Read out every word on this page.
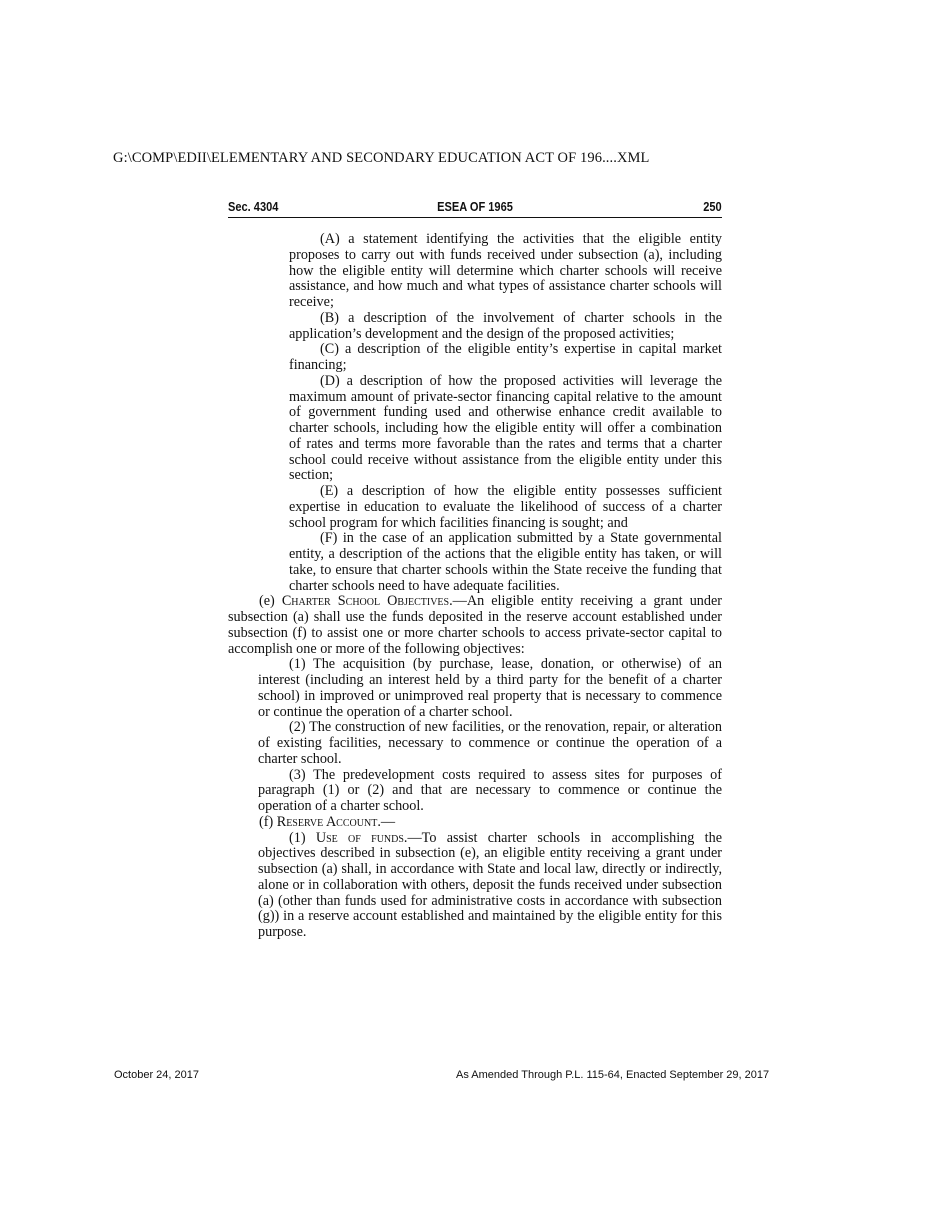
G:\COMP\EDII\ELEMENTARY AND SECONDARY EDUCATION ACT OF 196....XML
Sec. 4304	ESEA OF 1965	250

(A) a statement identifying the activities that the eligible entity proposes to carry out with funds received under subsection (a), including how the eligible entity will determine which charter schools will receive assistance, and how much and what types of assistance charter schools will receive;

(B) a description of the involvement of charter schools in the application’s development and the design of the proposed activities;

(C) a description of the eligible entity’s expertise in capital market financing;

(D) a description of how the proposed activities will leverage the maximum amount of private-sector financing capital relative to the amount of government funding used and otherwise enhance credit available to charter schools, including how the eligible entity will offer a combination of rates and terms more favorable than the rates and terms that a charter school could receive without assistance from the eligible entity under this section;

(E) a description of how the eligible entity possesses sufficient expertise in education to evaluate the likelihood of success of a charter school program for which facilities financing is sought; and

(F) in the case of an application submitted by a State governmental entity, a description of the actions that the eligible entity has taken, or will take, to ensure that charter schools within the State receive the funding that charter schools need to have adequate facilities.

(e) Charter School Objectives.—An eligible entity receiving a grant under subsection (a) shall use the funds deposited in the reserve account established under subsection (f) to assist one or more charter schools to access private-sector capital to accomplish one or more of the following objectives:

(1) The acquisition (by purchase, lease, donation, or otherwise) of an interest (including an interest held by a third party for the benefit of a charter school) in improved or unimproved real property that is necessary to commence or continue the operation of a charter school.

(2) The construction of new facilities, or the renovation, repair, or alteration of existing facilities, necessary to commence or continue the operation of a charter school.

(3) The predevelopment costs required to assess sites for purposes of paragraph (1) or (2) and that are necessary to commence or continue the operation of a charter school.

(f) Reserve Account.—

(1) Use of funds.—To assist charter schools in accomplishing the objectives described in subsection (e), an eligible entity receiving a grant under subsection (a) shall, in accordance with State and local law, directly or indirectly, alone or in collaboration with others, deposit the funds received under subsection (a) (other than funds used for administrative costs in accordance with subsection (g)) in a reserve account established and maintained by the eligible entity for this purpose.

October 24, 2017	As Amended Through P.L. 115-64, Enacted September 29, 2017
